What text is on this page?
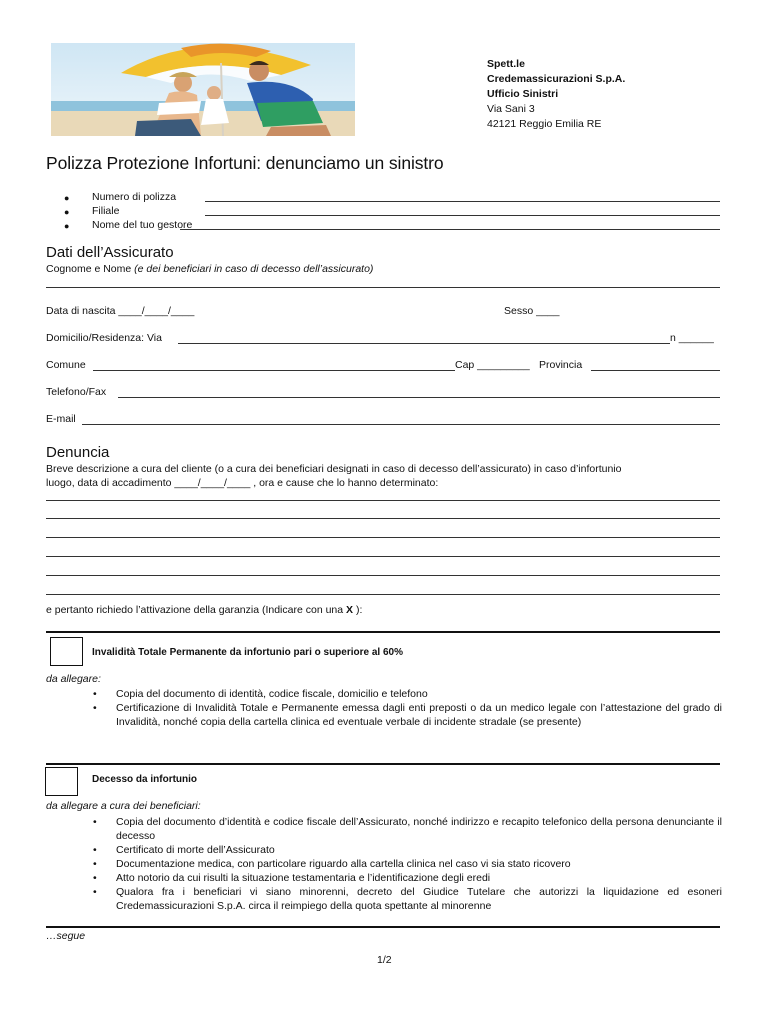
Spett.le
Credemassicurazioni S.p.A.
Ufficio Sinistri
Via Sani 3
42121 Reggio Emilia RE
Polizza Protezione Infortuni: denunciamo un sinistro
●	Numero di polizza
●	Filiale
●	Nome del tuo gestore
Dati dell’Assicurato
Cognome e Nome (e dei beneficiari in caso di decesso dell’assicurato)
Data di nascita ____/____/____	Sesso ____
Domicilio/Residenza: Via	n ______
Comune	Cap _________ Provincia
Telefono/Fax
E-mail
Denuncia
Breve descrizione a cura del cliente (o a cura dei beneficiari designati in caso di decesso dell’assicurato) in caso d’infortunio
luogo, data di accadimento ____/____/____ , ora e cause che lo hanno determinato:
e pertanto richiedo l’attivazione della garanzia (Indicare con una X ):
Invalidità Totale Permanente da infortunio pari o superiore al 60%
da allegare:
• Copia del documento di identità, codice fiscale, domicilio e telefono
• Certificazione di Invalidità Totale e Permanente emessa dagli enti preposti o da un medico legale con l’attestazione del grado di Invalidità, nonché copia della cartella clinica ed eventuale verbale di incidente stradale (se presente)
Decesso da infortunio
da allegare a cura dei beneficiari:
• Copia del documento d’identità e codice fiscale dell’Assicurato, nonché indirizzo e recapito telefonico della persona denunciante il decesso
• Certificato di morte dell’Assicurato
• Documentazione medica, con particolare riguardo alla cartella clinica nel caso vi sia stato ricovero
• Atto notorio da cui risulti la situazione testamentaria e l’identificazione degli eredi
• Qualora fra i beneficiari vi siano minorenni, decreto del Giudice Tutelare che autorizzi la liquidazione ed esoneri Credemassicurazioni S.p.A. circa il reimpiego della quota spettante al minorenne
…segue
1/2
